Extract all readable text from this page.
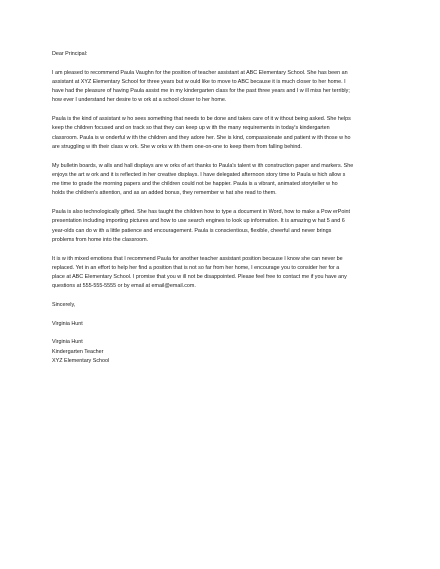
Dear Principal:

I am pleased to recommend Paula Vaughn for the position of teacher assistant at ABC Elementary School. She has been an
assistant at XYZ Elementary School for three years but w ould like to move to ABC because it is much closer to her home. I
have had the pleasure of having Paula assist me in my kindergarten class for the past three years and I w ill miss her terribly;
how ever I understand her desire to w ork at a school closer to her home.

Paula is the kind of assistant w ho sees something that needs to be done and takes care of it w ithout being asked. She helps
keep the children focused and on track so that they can keep up w ith the many requirements in today's kindergarten
classroom. Paula is w onderful w ith the children and they adore her. She is kind, compassionate and patient w ith those w ho
are struggling w ith their class w ork. She w orks w ith them one-on-one to keep them from falling behind.

My bulletin boards, w alls and hall displays are w orks of art thanks to Paula's talent w ith construction paper and markers. She
enjoys the art w ork and it is reflected in her creative displays. I have delegated afternoon story time to Paula w hich allow s
me time to grade the morning papers and the children could not be happier. Paula is a vibrant, animated storyteller w ho
holds the children's attention, and as an added bonus, they remember w hat she read to them.

Paula is also technologically gifted. She has taught the children how to type a document in Word, how to make a Pow erPoint
presentation including importing pictures and how to use search engines to look up information. It is amazing w hat 5 and 6
year-olds can do w ith a little patience and encouragement. Paula is conscientious, flexible, cheerful and never brings
problems from home into the classroom.

It is w ith mixed emotions that I recommend Paula for another teacher assistant position because I know she can never be
replaced. Yet in an effort to help her find a position that is not so far from her home, I encourage you to consider her for a
place at ABC Elementary School. I promise that you w ill not be disappointed. Please feel free to contact me if you have any
questions at 555-555-5555 or by email at email@email.com.

Sincerely,

Virginia Hunt

Virginia Hunt
Kindergarten Teacher
XYZ Elementary School
